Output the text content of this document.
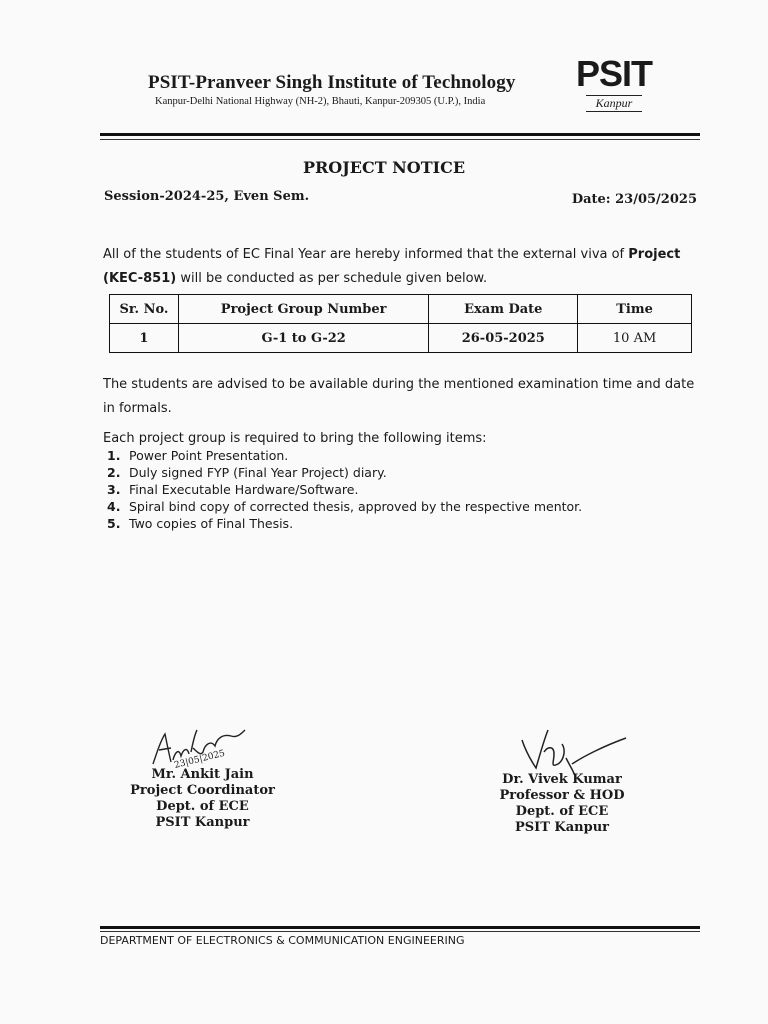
PSIT-Pranveer Singh Institute of Technology
Kanpur-Delhi National Highway (NH-2), Bhauti, Kanpur-209305 (U.P.), India
PSIT
Kanpur
PROJECT NOTICE
Session-2024-25, Even Sem.	Date: 23/05/2025
All of the students of EC Final Year are hereby informed that the external viva of Project (KEC-851) will be conducted as per schedule given below.
Sr. No.	Project Group Number	Exam Date	Time
1	G-1 to G-22	26-05-2025	10 AM
The students are advised to be available during the mentioned examination time and date in formals.
Each project group is required to bring the following items:
1. Power Point Presentation.
2. Duly signed FYP (Final Year Project) diary.
3. Final Executable Hardware/Software.
4. Spiral bind copy of corrected thesis, approved by the respective mentor.
5. Two copies of Final Thesis.
23|05|2025
Mr. Ankit Jain
Project Coordinator
Dept. of ECE
PSIT Kanpur
Dr. Vivek Kumar
Professor & HOD
Dept. of ECE
PSIT Kanpur
DEPARTMENT OF ELECTRONICS & COMMUNICATION ENGINEERING
